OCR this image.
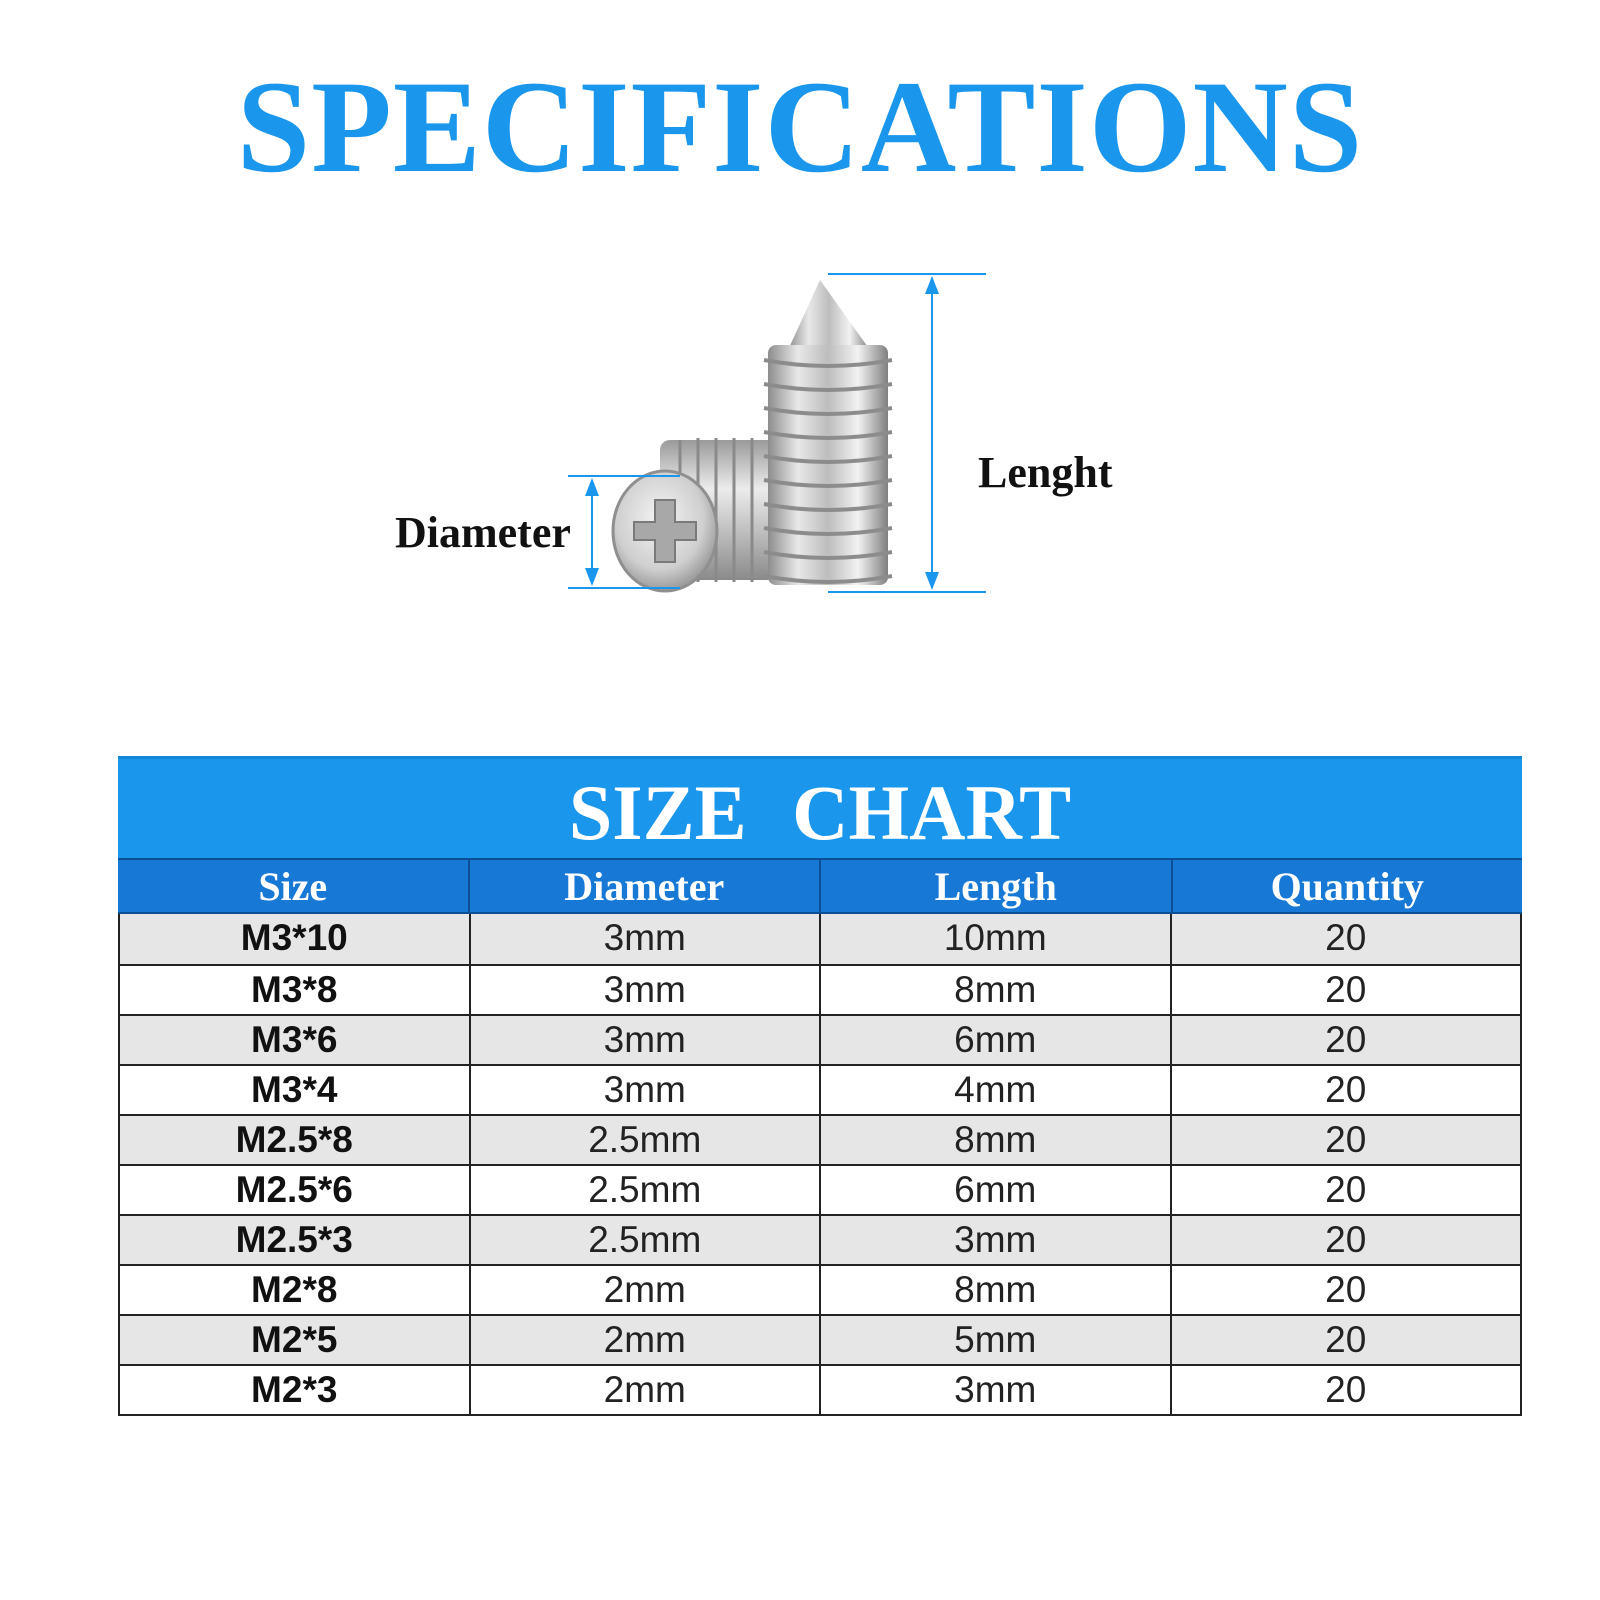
SPECIFICATIONS
Diameter
Lenght
SIZE CHART
Size	Diameter	Length	Quantity
M3*10	3mm	10mm	20
M3*8	3mm	8mm	20
M3*6	3mm	6mm	20
M3*4	3mm	4mm	20
M2.5*8	2.5mm	8mm	20
M2.5*6	2.5mm	6mm	20
M2.5*3	2.5mm	3mm	20
M2*8	2mm	8mm	20
M2*5	2mm	5mm	20
M2*3	2mm	3mm	20
